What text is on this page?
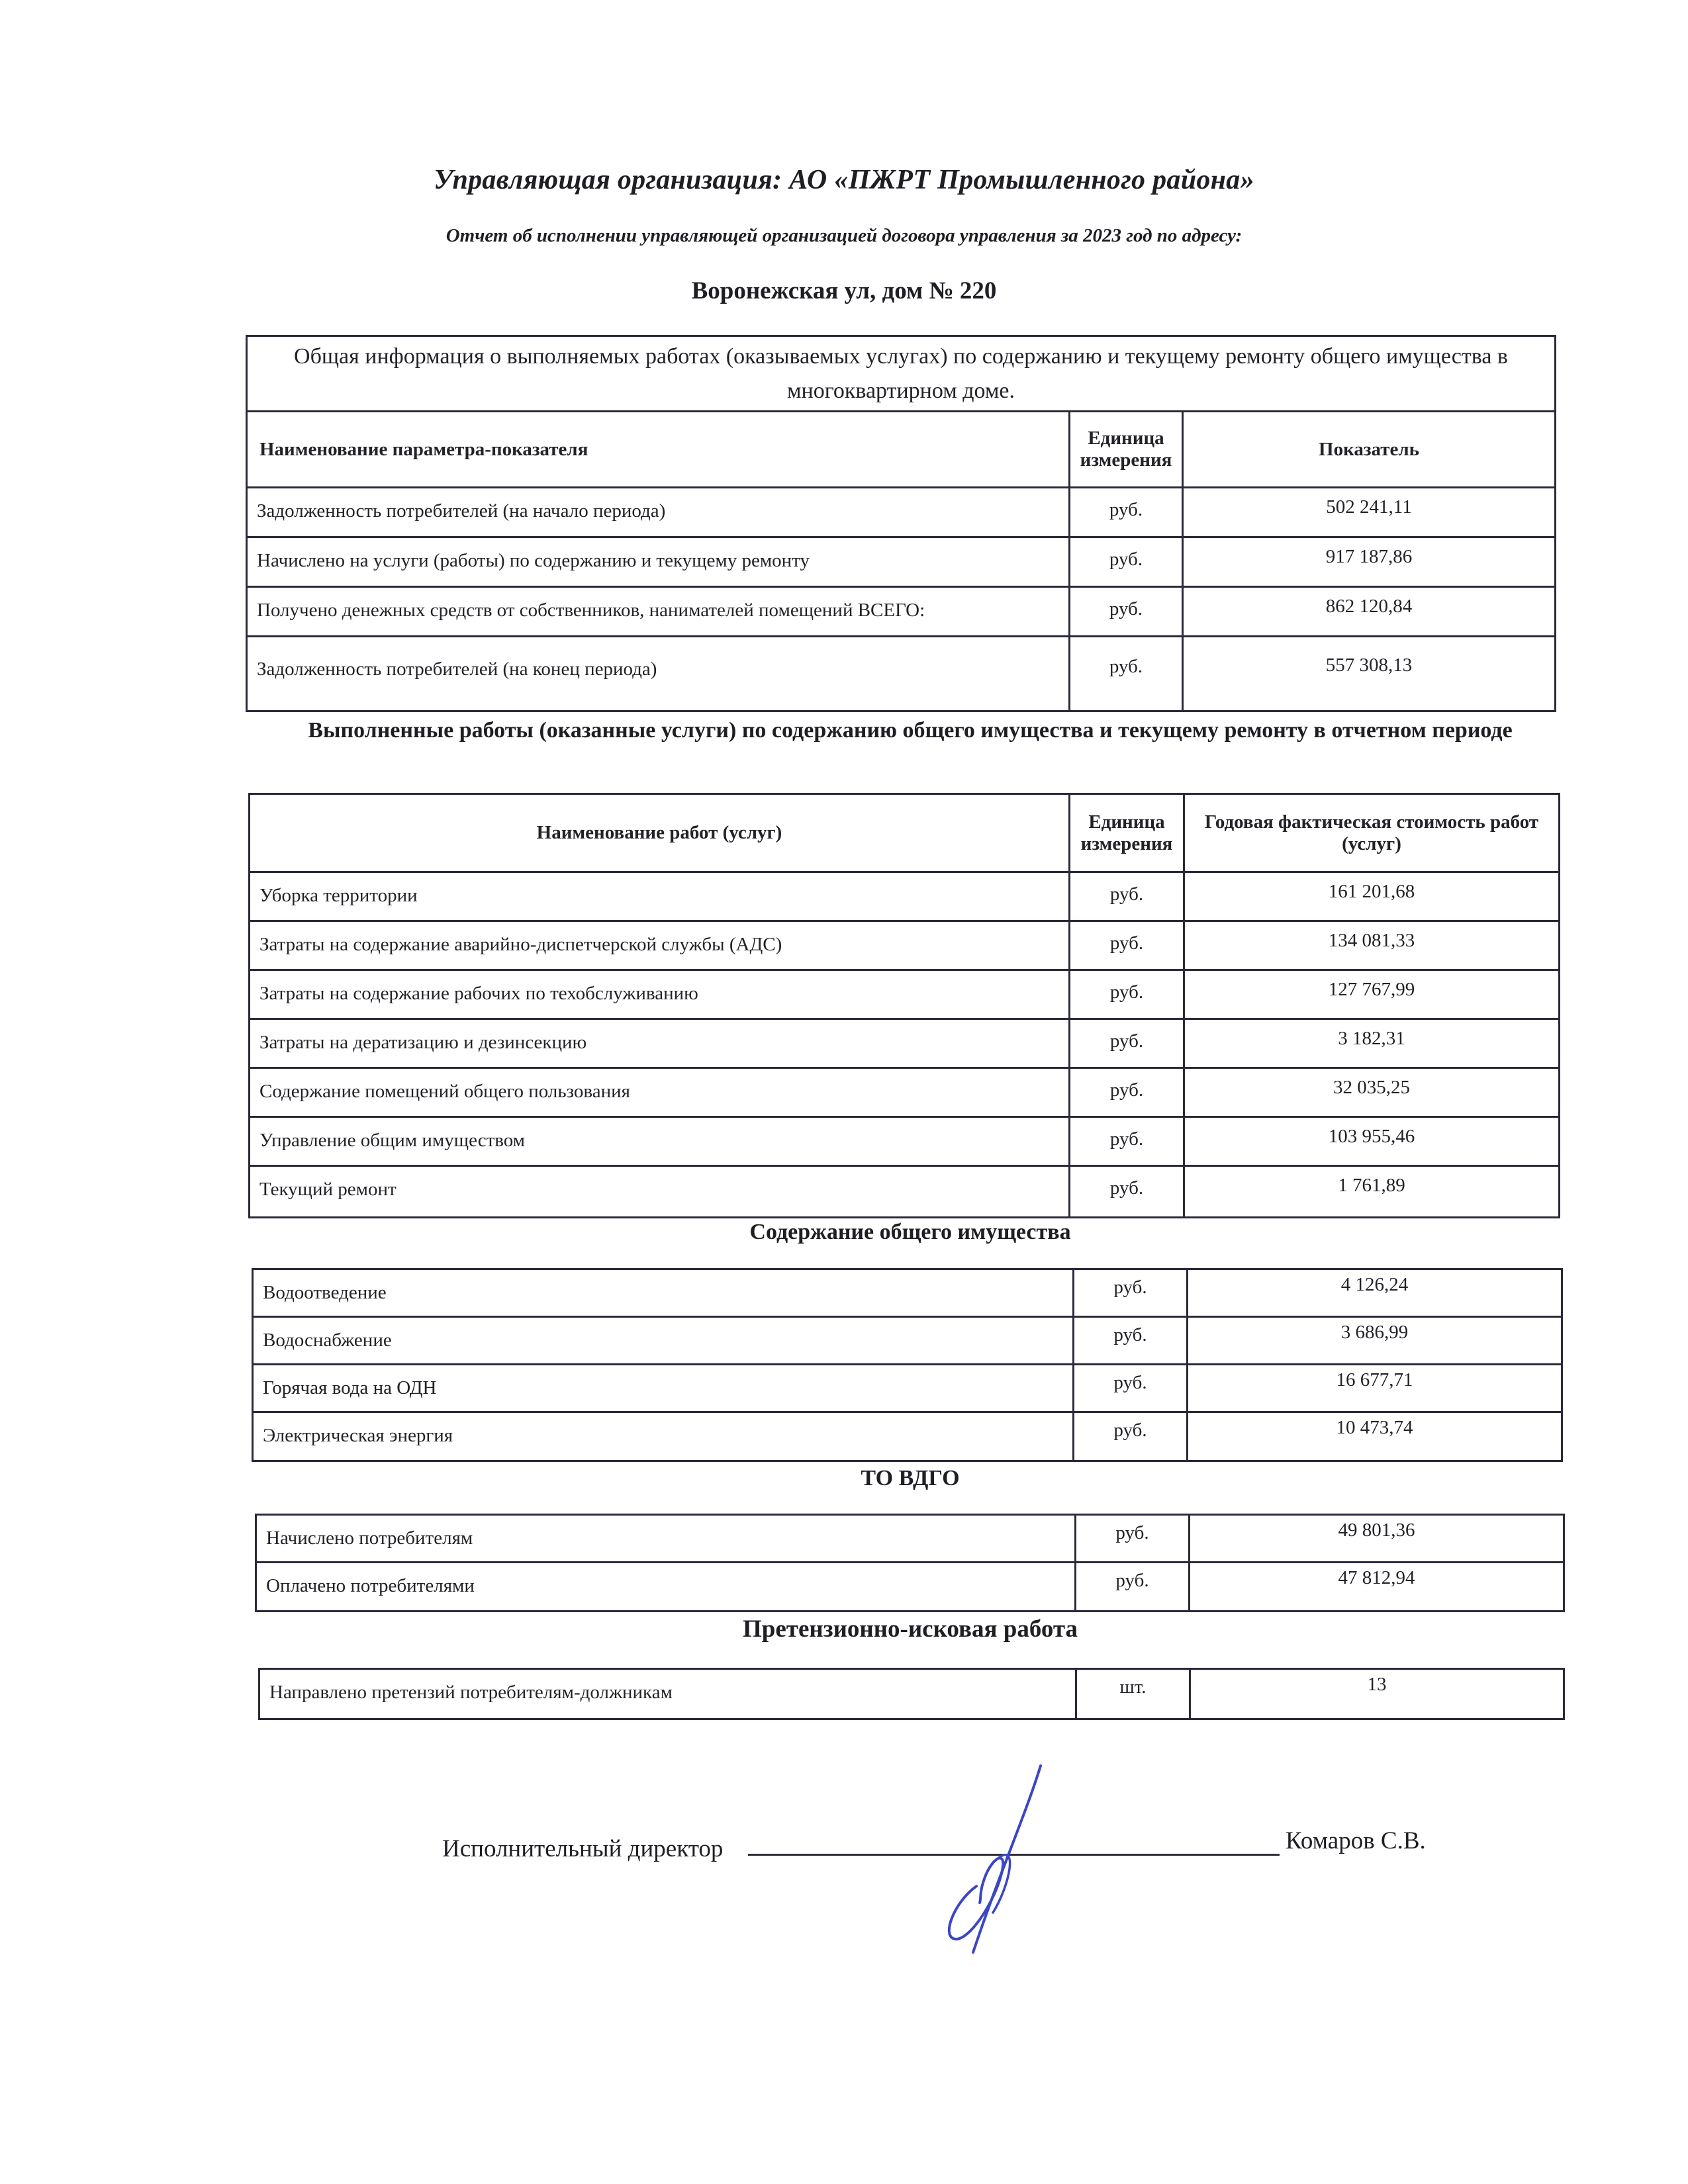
Управляющая организация: АО «ПЖРТ Промышленного района»
Отчет об исполнении управляющей организацией договора управления за 2023 год по адресу:
Воронежская ул, дом № 220
Общая информация о выполняемых работах (оказываемых услугах) по содержанию и текущему ремонту общего имущества в многоквартирном доме.		
Наименование параметра-показателя	Единица измерения	Показатель
Задолженность потребителей (на начало периода)	руб.	502 241,11
Начислено на услуги (работы) по содержанию и текущему ремонту	руб.	917 187,86
Получено денежных средств от собственников, нанимателей помещений ВСЕГО:	руб.	862 120,84
Задолженность потребителей (на конец периода)	руб.	557 308,13
Выполненные работы (оказанные услуги) по содержанию общего имущества и текущему ремонту в отчетном периоде
Наименование работ (услуг)	Единица измерения	Годовая фактическая стоимость работ (услуг)
Уборка территории	руб.	161 201,68
Затраты на содержание аварийно-диспетчерской службы (АДС)	руб.	134 081,33
Затраты на содержание рабочих по техобслуживанию	руб.	127 767,99
Затраты на дератизацию и дезинсекцию	руб.	3 182,31
Содержание помещений общего пользования	руб.	32 035,25
Управление общим имуществом	руб.	103 955,46
Текущий ремонт	руб.	1 761,89
Содержание общего имущества
Водоотведение	руб.	4 126,24
Водоснабжение	руб.	3 686,99
Горячая вода на ОДН	руб.	16 677,71
Электрическая энергия	руб.	10 473,74
ТО ВДГО
Начислено потребителям	руб.	49 801,36
Оплачено потребителями	руб.	47 812,94
Претензионно-исковая работа
Направлено претензий потребителям-должникам	шт.	13
Исполнительный директор	Комаров С.В.
